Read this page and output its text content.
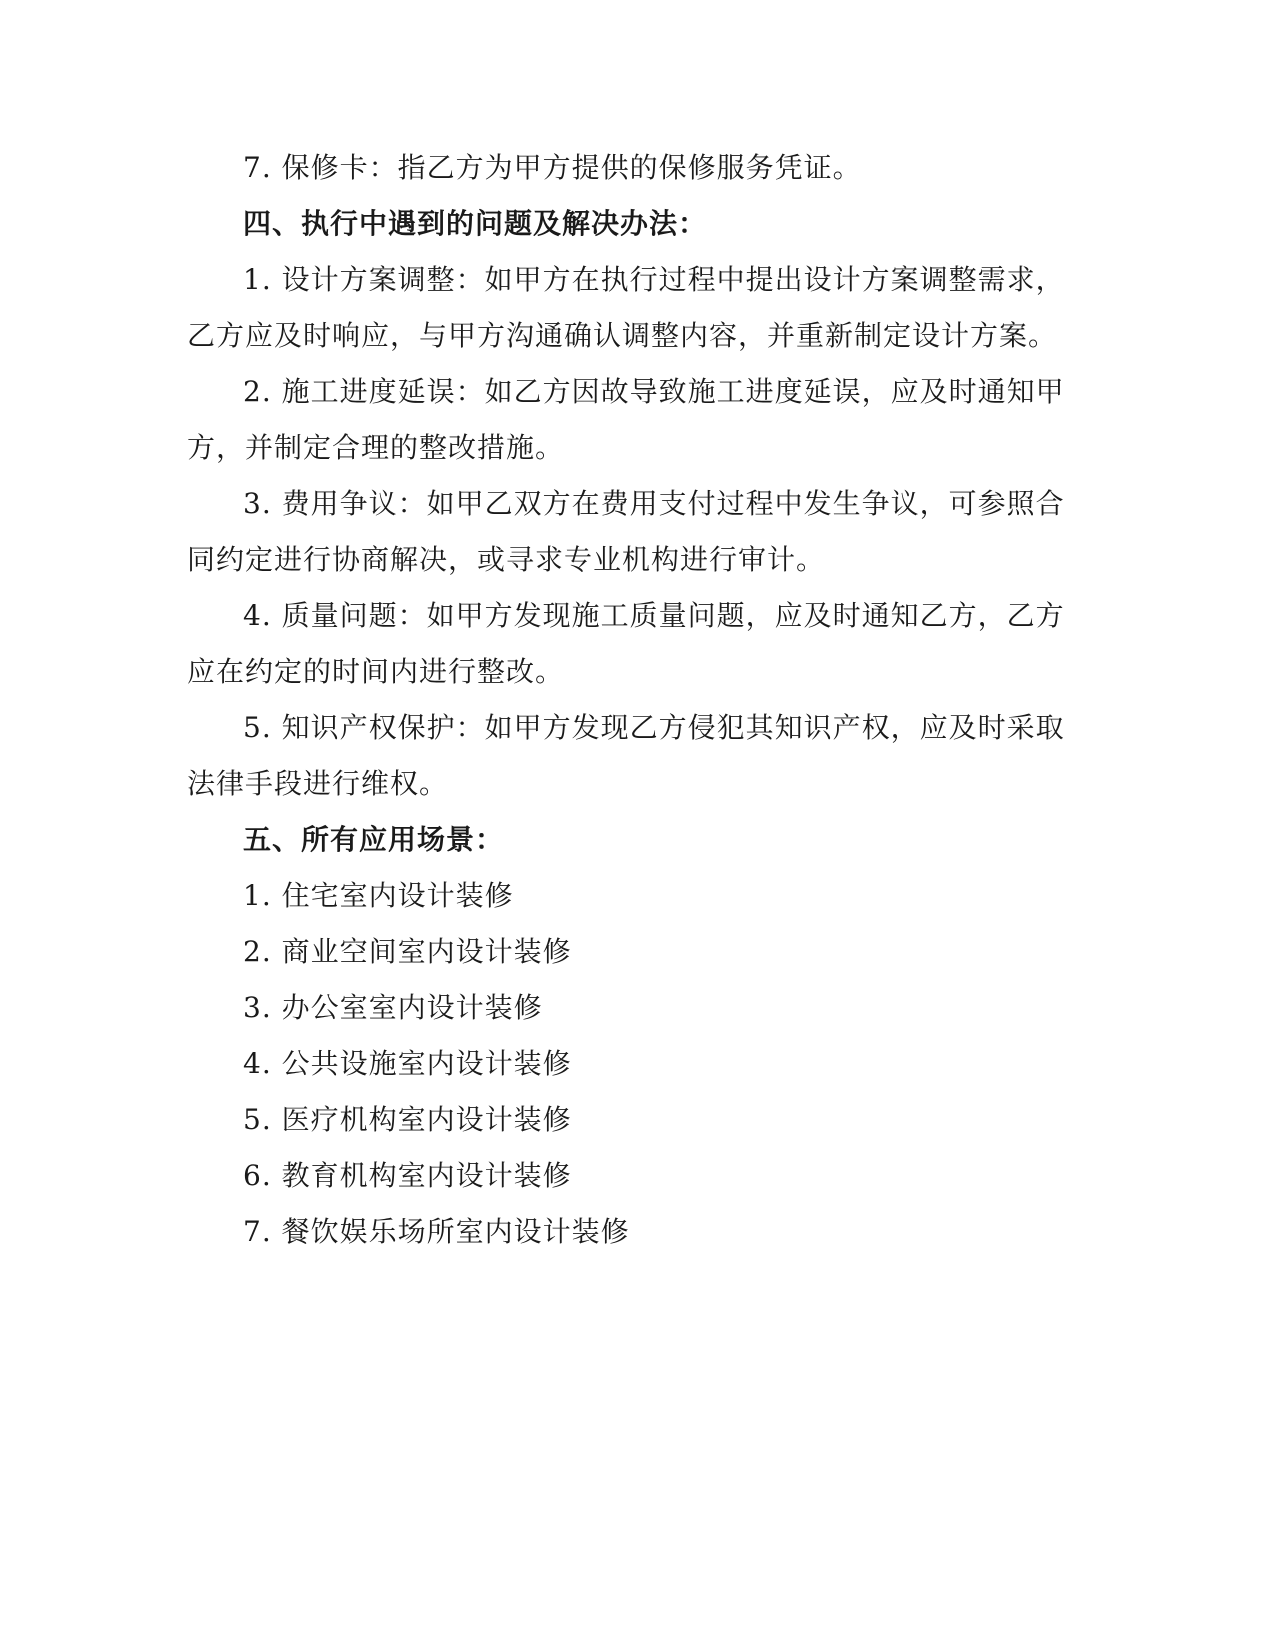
7. 保修卡：指乙方为甲方提供的保修服务凭证。

四、执行中遇到的问题及解决办法：

1. 设计方案调整：如甲方在执行过程中提出设计方案调整需求，乙方应及时响应，与甲方沟通确认调整内容，并重新制定设计方案。

2. 施工进度延误：如乙方因故导致施工进度延误，应及时通知甲方，并制定合理的整改措施。

3. 费用争议：如甲乙双方在费用支付过程中发生争议，可参照合同约定进行协商解决，或寻求专业机构进行审计。

4. 质量问题：如甲方发现施工质量问题，应及时通知乙方，乙方应在约定的时间内进行整改。

5. 知识产权保护：如甲方发现乙方侵犯其知识产权，应及时采取法律手段进行维权。

五、所有应用场景：

1. 住宅室内设计装修

2. 商业空间室内设计装修

3. 办公室室内设计装修

4. 公共设施室内设计装修

5. 医疗机构室内设计装修

6. 教育机构室内设计装修

7. 餐饮娱乐场所室内设计装修
